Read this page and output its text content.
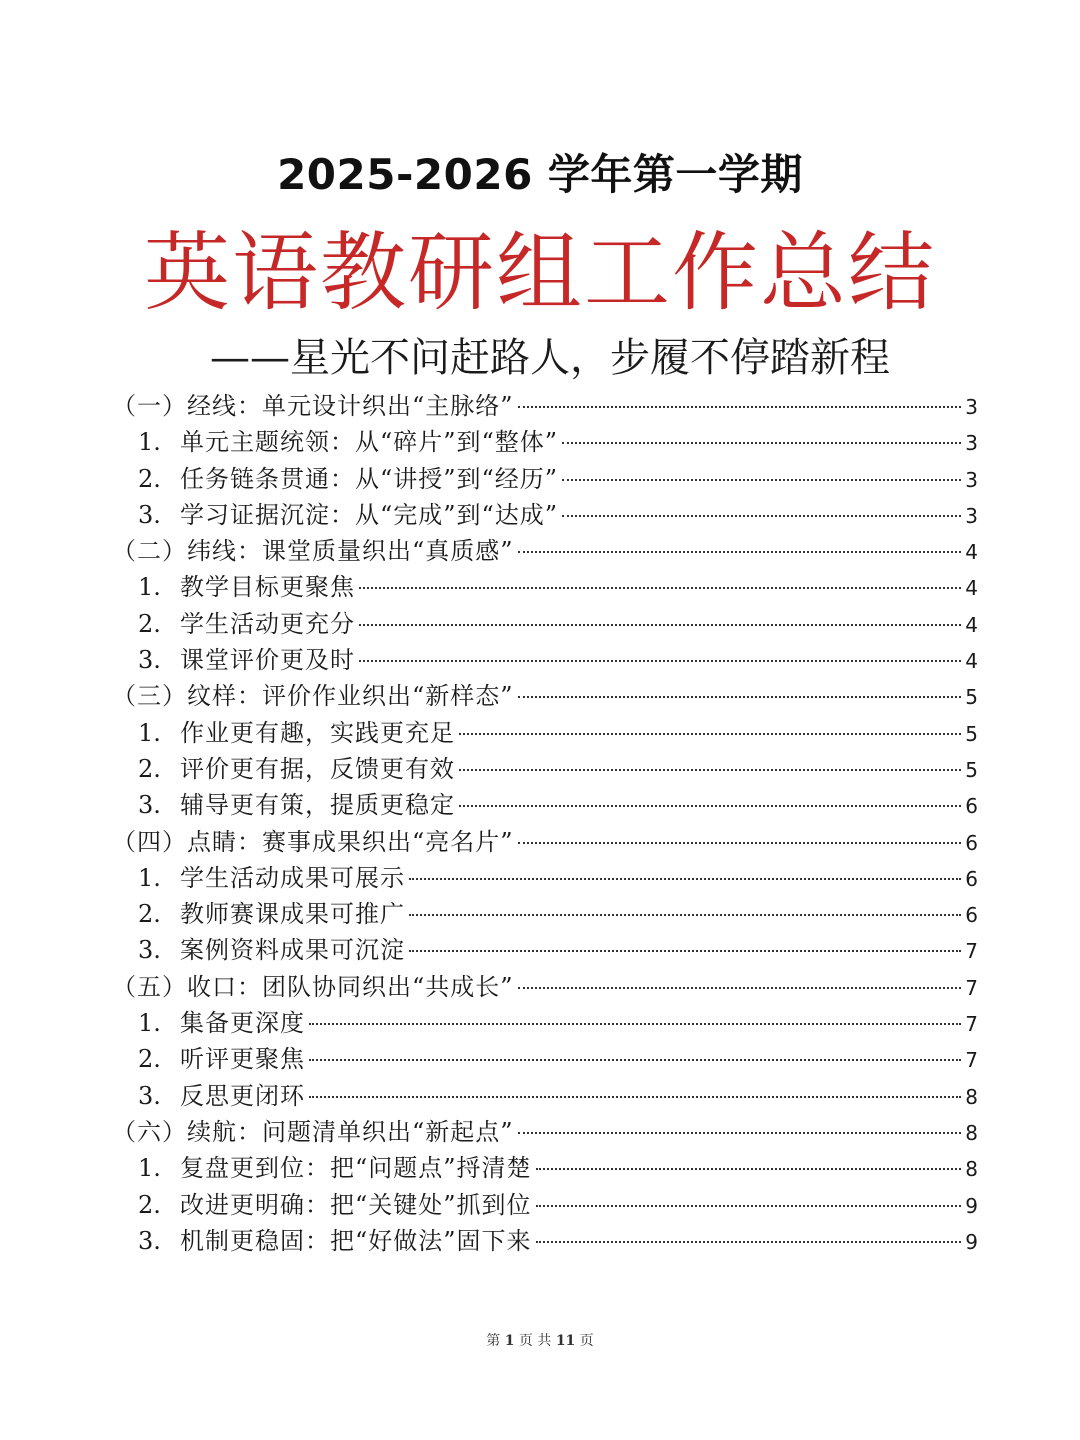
2025-2026 学年第一学期
英语教研组工作总结
——星光不问赶路人，步履不停踏新程
（一）经线：单元设计织出“主脉络”	3
1. 单元主题统领：从“碎片”到“整体”	3
2. 任务链条贯通：从“讲授”到“经历”	3
3. 学习证据沉淀：从“完成”到“达成”	3
（二）纬线：课堂质量织出“真质感”	4
1. 教学目标更聚焦	4
2. 学生活动更充分	4
3. 课堂评价更及时	4
（三）纹样：评价作业织出“新样态”	5
1. 作业更有趣，实践更充足	5
2. 评价更有据，反馈更有效	5
3. 辅导更有策，提质更稳定	6
（四）点睛：赛事成果织出“亮名片”	6
1. 学生活动成果可展示	6
2. 教师赛课成果可推广	6
3. 案例资料成果可沉淀	7
（五）收口：团队协同织出“共成长”	7
1. 集备更深度	7
2. 听评更聚焦	7
3. 反思更闭环	8
（六）续航：问题清单织出“新起点”	8
1. 复盘更到位：把“问题点”捋清楚	8
2. 改进更明确：把“关键处”抓到位	9
3. 机制更稳固：把“好做法”固下来	9
第 1 页 共 11 页
